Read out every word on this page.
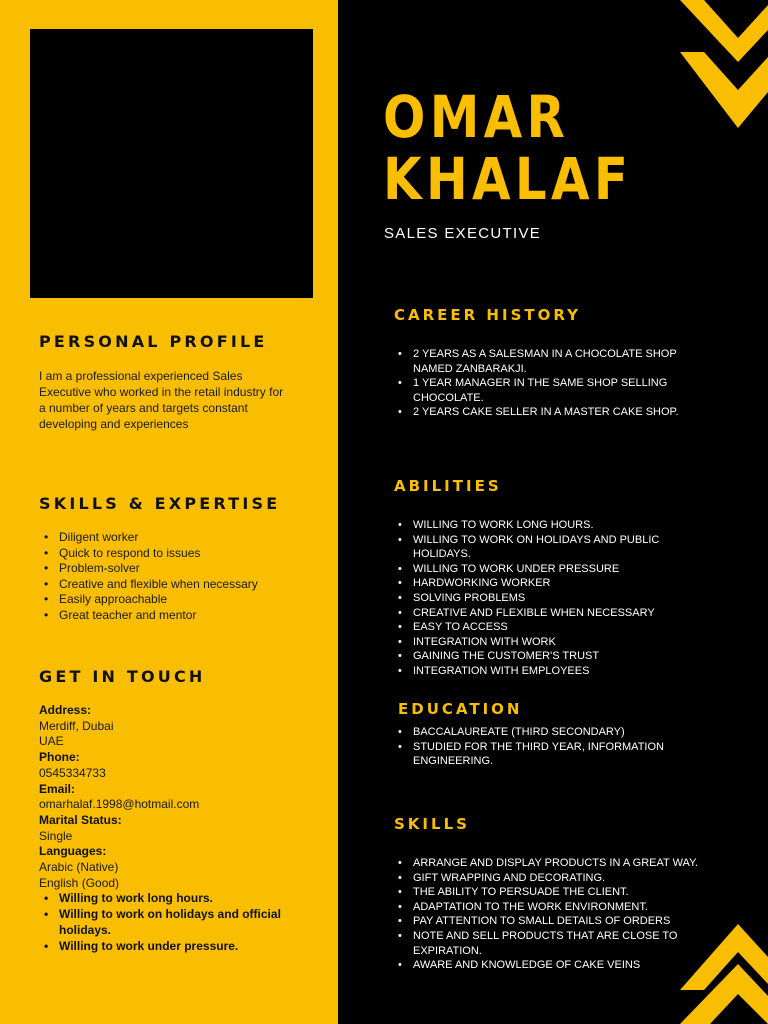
PERSONAL PROFILE

I am a professional experienced Sales Executive who worked in the retail industry for a number of years and targets constant developing and experiences

SKILLS & EXPERTISE
• Diligent worker
• Quick to respond to issues
• Problem-solver
• Creative and flexible when necessary
• Easily approachable
• Great teacher and mentor
GET IN TOUCH
Address:
Merdiff, Dubai
UAE
Phone:
0545334733
Email:
omarhalaf.1998@hotmail.com
Marital Status:
Single
Languages:
Arabic (Native)
English (Good)
• Willing to work long hours.
• Willing to work on holidays and official holidays.
• Willing to work under pressure.
OMAR
KHALAF

SALES EXECUTIVE

CAREER HISTORY
• 2 YEARS AS A SALESMAN IN A CHOCOLATE SHOP NAMED ZANBARAKJI.
• 1 YEAR MANAGER IN THE SAME SHOP SELLING CHOCOLATE.
• 2 YEARS CAKE SELLER IN A MASTER CAKE SHOP.
ABILITIES
• WILLING TO WORK LONG HOURS.
• WILLING TO WORK ON HOLIDAYS AND PUBLIC HOLIDAYS.
• WILLING TO WORK UNDER PRESSURE
• HARDWORKING WORKER
• SOLVING PROBLEMS
• CREATIVE AND FLEXIBLE WHEN NECESSARY
• EASY TO ACCESS
• INTEGRATION WITH WORK
• GAINING THE CUSTOMER'S TRUST
• INTEGRATION WITH EMPLOYEES
EDUCATION
• BACCALAUREATE (THIRD SECONDARY)
• STUDIED FOR THE THIRD YEAR, INFORMATION ENGINEERING.
SKILLS
• ARRANGE AND DISPLAY PRODUCTS IN A GREAT WAY.
• GIFT WRAPPING AND DECORATING.
• THE ABILITY TO PERSUADE THE CLIENT.
• ADAPTATION TO THE WORK ENVIRONMENT.
• PAY ATTENTION TO SMALL DETAILS OF ORDERS
• NOTE AND SELL PRODUCTS THAT ARE CLOSE TO EXPIRATION.
• AWARE AND KNOWLEDGE OF CAKE VEINS
